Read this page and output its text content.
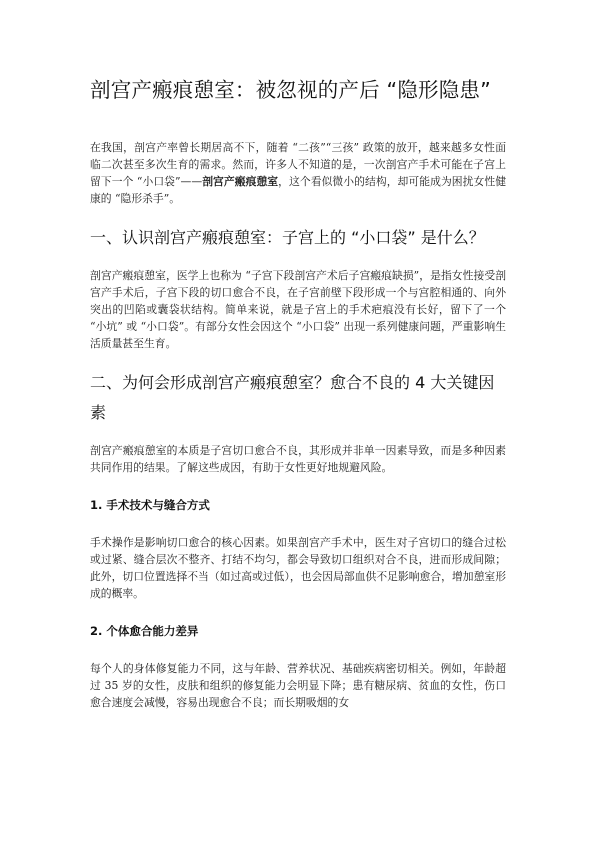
剖宫产瘢痕憩室：被忽视的产后 “隐形隐患”

在我国，剖宫产率曾长期居高不下，随着 “二孩”“三孩” 政策的放开，越来越多女性面临二次甚至多次生育的需求。然而，许多人不知道的是，一次剖宫产手术可能在子宫上留下一个 “小口袋”——剖宫产瘢痕憩室，这个看似微小的结构，却可能成为困扰女性健康的 “隐形杀手”。

一、认识剖宫产瘢痕憩室：子宫上的 “小口袋” 是什么？

剖宫产瘢痕憩室，医学上也称为 “子宫下段剖宫产术后子宫瘢痕缺损”，是指女性接受剖宫产手术后，子宫下段的切口愈合不良，在子宫前壁下段形成一个与宫腔相通的、向外突出的凹陷或囊袋状结构。简单来说，就是子宫上的手术疤痕没有长好，留下了一个 “小坑” 或 “小口袋”。有部分女性会因这个 “小口袋” 出现一系列健康问题，严重影响生活质量甚至生育。

二、为何会形成剖宫产瘢痕憩室？愈合不良的 4 大关键因素

剖宫产瘢痕憩室的本质是子宫切口愈合不良，其形成并非单一因素导致，而是多种因素共同作用的结果。了解这些成因，有助于女性更好地规避风险。

1. 手术技术与缝合方式

手术操作是影响切口愈合的核心因素。如果剖宫产手术中，医生对子宫切口的缝合过松或过紧、缝合层次不整齐、打结不均匀，都会导致切口组织对合不良，进而形成间隙；此外，切口位置选择不当（如过高或过低），也会因局部血供不足影响愈合，增加憩室形成的概率。

2. 个体愈合能力差异

每个人的身体修复能力不同，这与年龄、营养状况、基础疾病密切相关。例如，年龄超过 35 岁的女性，皮肤和组织的修复能力会明显下降；患有糖尿病、贫血的女性，伤口愈合速度会减慢，容易出现愈合不良；而长期吸烟的女
